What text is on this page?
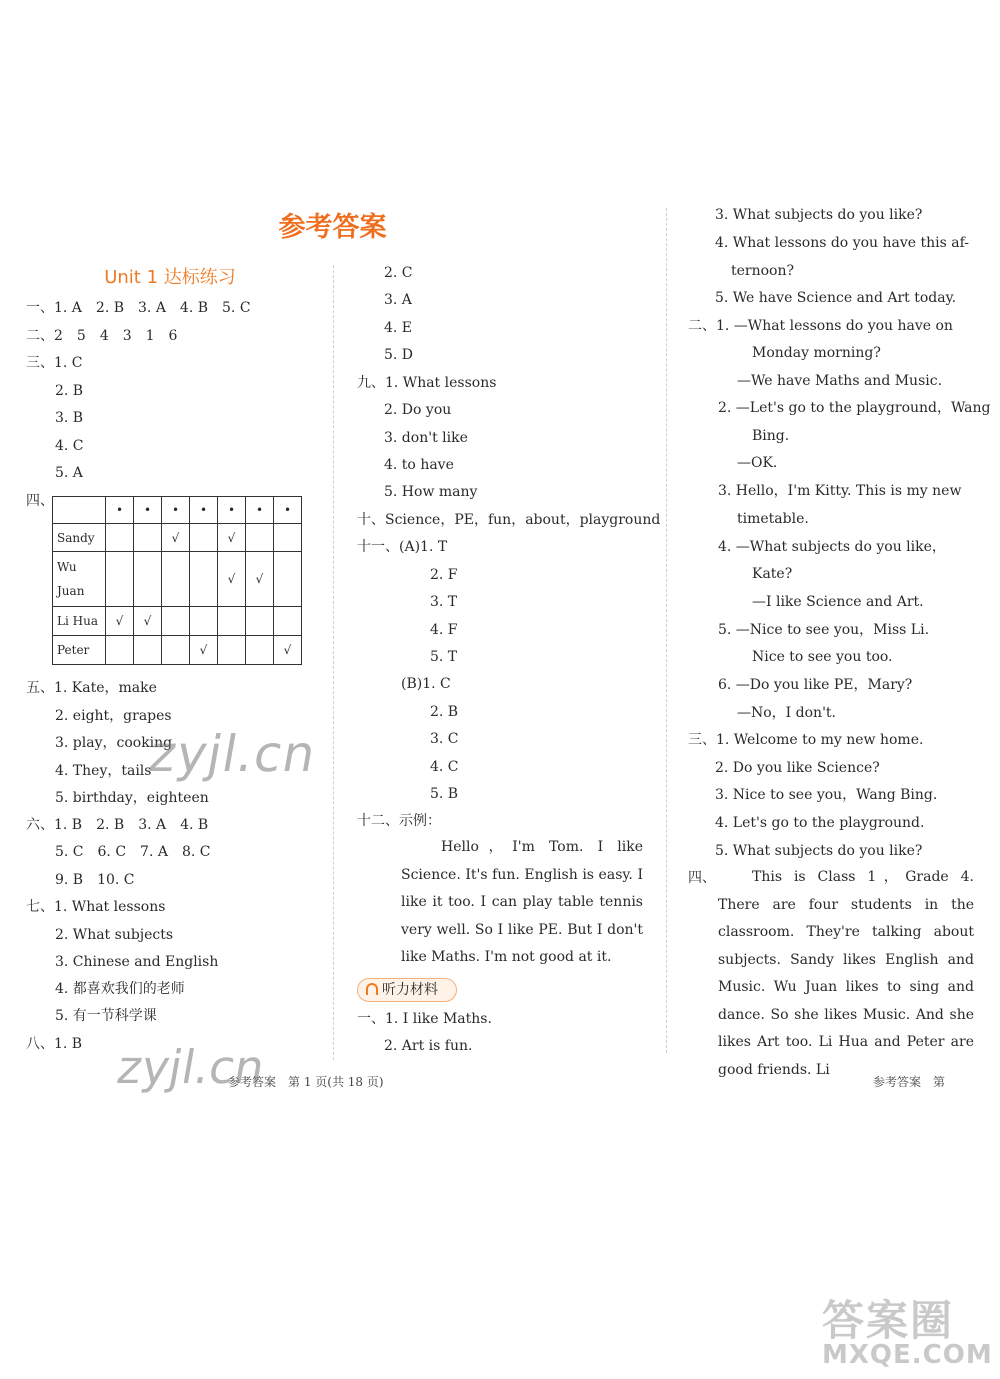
参考答案
Unit 1 达标练习
一、1. A　2. B　3. A　4. B　5. C
二、2　5　4　3　1　6
三、1. C
2. B
3. B
4. C
5. A
四、
	•	•	•	•	•	•	•
Sandy			√		√		
Wu Juan					√	√	
Li Hua	√	√					
Peter				√			√
五、1. Kate，make
2. eight，grapes
3. play，cooking
4. They，tails
5. birthday，eighteen
六、1. B　2. B　3. A　4. B
5. C　6. C　7. A　8. C
9. B　10. C
七、1. What lessons
2. What subjects
3. Chinese and English
4. 都喜欢我们的老师
5. 有一节科学课
八、1. B
2. C
3. A
4. E
5. D
九、1. What lessons
2. Do you
3. don't like
4. to have
5. How many
十、Science，PE，fun，about，playground
十一、(A)1. T
2. F
3. T
4. F
5. T
(B)1. C
2. B
3. C
4. C
5. B
十二、示例：
Hello，I'm Tom. I like Science. It's fun. English is easy. I like it too. I can play table tennis very well. So I like PE. But I don't like Maths. I'm not good at it.
听力材料
一、1. I like Maths.
2. Art is fun.
3. What subjects do you like?
4. What lessons do you have this af-
ternoon?
5. We have Science and Art today.
二、1. —What lessons do you have on
Monday morning?
—We have Maths and Music.
2. —Let's go to the playground，Wang
Bing.
—OK.
3. Hello，I'm Kitty. This is my new
timetable.
4. —What subjects do you like，
Kate?
—I like Science and Art.
5. —Nice to see you，Miss Li.
Nice to see you too.
6. —Do you like PE，Mary?
—No，I don't.
三、1. Welcome to my new home.
2. Do you like Science?
3. Nice to see you，Wang Bing.
4. Let's go to the playground.
5. What subjects do you like?
四、	This is Class 1，Grade 4. There are four students in the classroom. They're talking about subjects. Sandy likes English and Music. Wu Juan likes to sing and dance. So she likes Music. And she likes Art too. Li Hua and Peter are good friends. Li
参考答案　第 1 页(共 18 页)	参考答案　第
zyjl.cn
zyjl.cn
答案圈
MXQE.COM
